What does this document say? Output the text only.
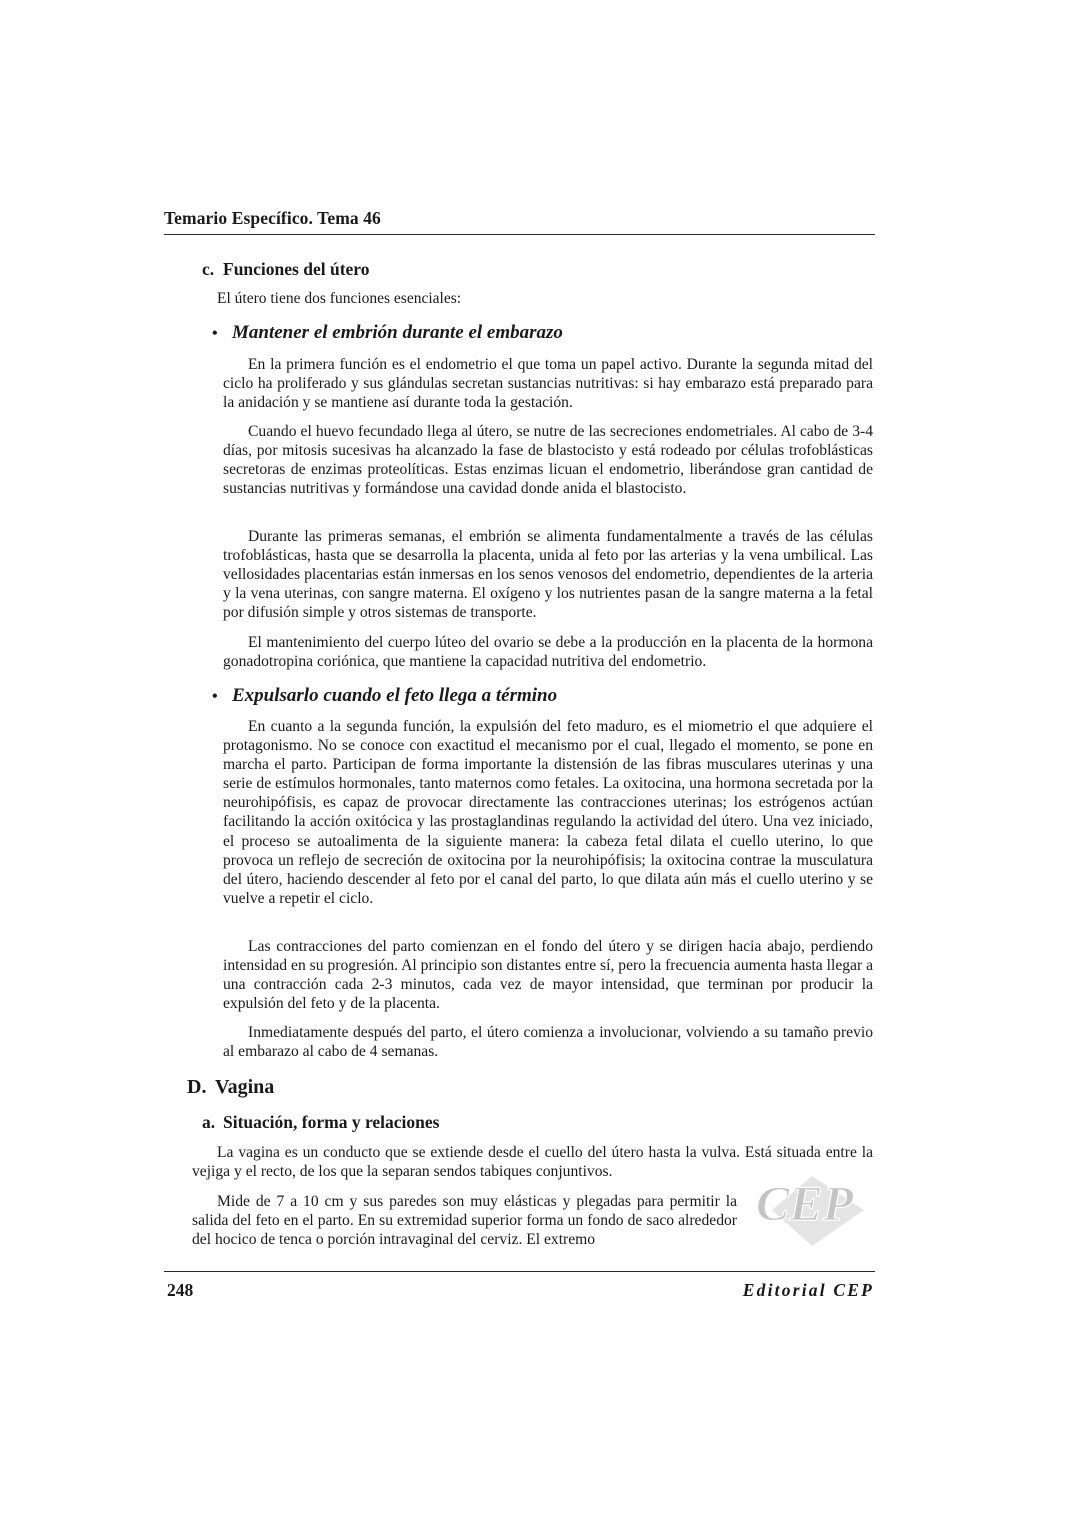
Temario Específico. Tema 46
c. Funciones del útero
El útero tiene dos funciones esenciales:
• Mantener el embrión durante el embarazo

En la primera función es el endometrio el que toma un papel activo. Durante la segunda mitad del ciclo ha proliferado y sus glándulas secretan sustancias nutritivas: si hay embarazo está preparado para la anidación y se mantiene así durante toda la gestación.

Cuando el huevo fecundado llega al útero, se nutre de las secreciones endometriales. Al cabo de 3-4 días, por mitosis sucesivas ha alcanzado la fase de blastocisto y está rodeado por células trofoblásticas secretoras de enzimas proteolíticas. Estas enzimas licuan el endometrio, liberándose gran cantidad de sustancias nutritivas y formándose una cavidad donde anida el blastocisto.

Durante las primeras semanas, el embrión se alimenta fundamentalmente a través de las células trofoblásticas, hasta que se desarrolla la placenta, unida al feto por las arterias y la vena umbilical. Las vellosidades placentarias están inmersas en los senos venosos del endometrio, dependientes de la arteria y la vena uterinas, con sangre materna. El oxígeno y los nutrientes pasan de la sangre materna a la fetal por difusión simple y otros sistemas de transporte.

El mantenimiento del cuerpo lúteo del ovario se debe a la producción en la placenta de la hormona gonadotropina coriónica, que mantiene la capacidad nutritiva del endometrio.

• Expulsarlo cuando el feto llega a término

En cuanto a la segunda función, la expulsión del feto maduro, es el miometrio el que adquiere el protagonismo. No se conoce con exactitud el mecanismo por el cual, llegado el momento, se pone en marcha el parto. Participan de forma importante la distensión de las fibras musculares uterinas y una serie de estímulos hormonales, tanto maternos como fetales. La oxitocina, una hormona secretada por la neurohipófisis, es capaz de provocar directamente las contracciones uterinas; los estrógenos actúan facilitando la acción oxitócica y las prostaglandinas regulando la actividad del útero. Una vez iniciado, el proceso se autoalimenta de la siguiente manera: la cabeza fetal dilata el cuello uterino, lo que provoca un reflejo de secreción de oxitocina por la neurohipófisis; la oxitocina contrae la musculatura del útero, haciendo descender al feto por el canal del parto, lo que dilata aún más el cuello uterino y se vuelve a repetir el ciclo.

Las contracciones del parto comienzan en el fondo del útero y se dirigen hacia abajo, perdiendo intensidad en su progresión. Al principio son distantes entre sí, pero la frecuencia aumenta hasta llegar a una contracción cada 2-3 minutos, cada vez de mayor intensidad, que terminan por producir la expulsión del feto y de la placenta.

Inmediatamente después del parto, el útero comienza a involucionar, volviendo a su tamaño previo al embarazo al cabo de 4 semanas.

D. Vagina
a. Situación, forma y relaciones

La vagina es un conducto que se extiende desde el cuello del útero hasta la vulva. Está situada entre la vejiga y el recto, de los que la separan sendos tabiques conjuntivos.

Mide de 7 a 10 cm y sus paredes son muy elásticas y plegadas para permitir la salida del feto en el parto. En su extremidad superior forma un fondo de saco alrededor del hocico de tenca o porción intravaginal del cerviz. El extremo

CEP
248	Editorial CEP
